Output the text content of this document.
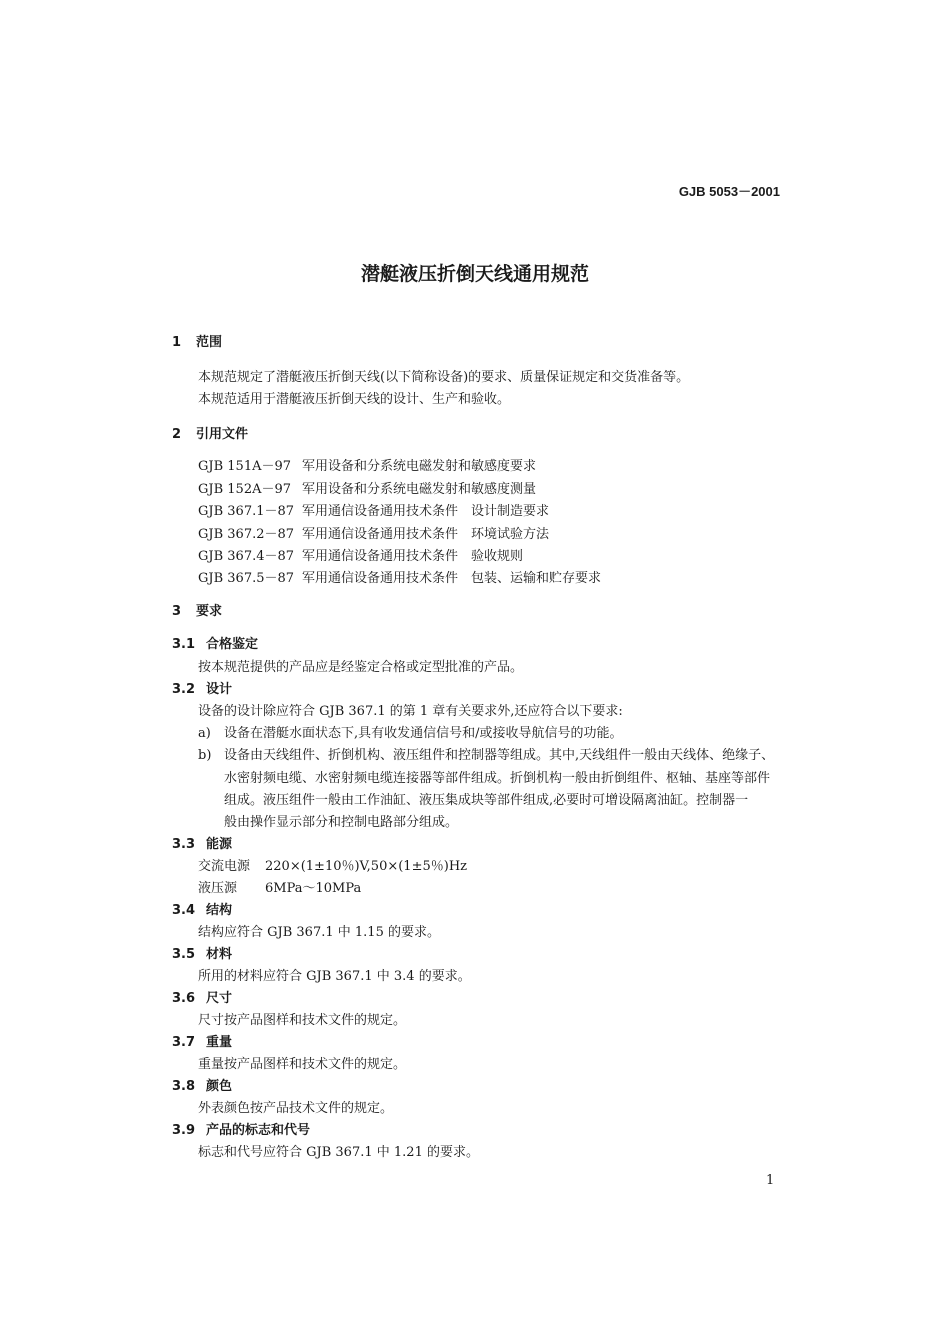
GJB 5053－2001
潜艇液压折倒天线通用规范
1 范围
本规范规定了潜艇液压折倒天线(以下简称设备)的要求、质量保证规定和交货准备等。
本规范适用于潜艇液压折倒天线的设计、生产和验收。
2 引用文件
GJB 151A－97 军用设备和分系统电磁发射和敏感度要求
GJB 152A－97 军用设备和分系统电磁发射和敏感度测量
GJB 367.1－87 军用通信设备通用技术条件　设计制造要求
GJB 367.2－87 军用通信设备通用技术条件　环境试验方法
GJB 367.4－87 军用通信设备通用技术条件　验收规则
GJB 367.5－87 军用通信设备通用技术条件　包装、运输和贮存要求
3 要求
3.1 合格鉴定
按本规范提供的产品应是经鉴定合格或定型批准的产品。
3.2 设计
设备的设计除应符合 GJB 367.1 的第 1 章有关要求外,还应符合以下要求:
a) 设备在潜艇水面状态下,具有收发通信信号和/或接收导航信号的功能。
b) 设备由天线组件、折倒机构、液压组件和控制器等组成。其中,天线组件一般由天线体、绝缘子、
水密射频电缆、水密射频电缆连接器等部件组成。折倒机构一般由折倒组件、枢轴、基座等部件
组成。液压组件一般由工作油缸、液压集成块等部件组成,必要时可增设隔离油缸。控制器一
般由操作显示部分和控制电路部分组成。
3.3 能源
交流电源 220×(1±10％)V,50×(1±5％)Hz
液压源 6MPa～10MPa
3.4 结构
结构应符合 GJB 367.1 中 1.15 的要求。
3.5 材料
所用的材料应符合 GJB 367.1 中 3.4 的要求。
3.6 尺寸
尺寸按产品图样和技术文件的规定。
3.7 重量
重量按产品图样和技术文件的规定。
3.8 颜色
外表颜色按产品技术文件的规定。
3.9 产品的标志和代号
标志和代号应符合 GJB 367.1 中 1.21 的要求。
1
